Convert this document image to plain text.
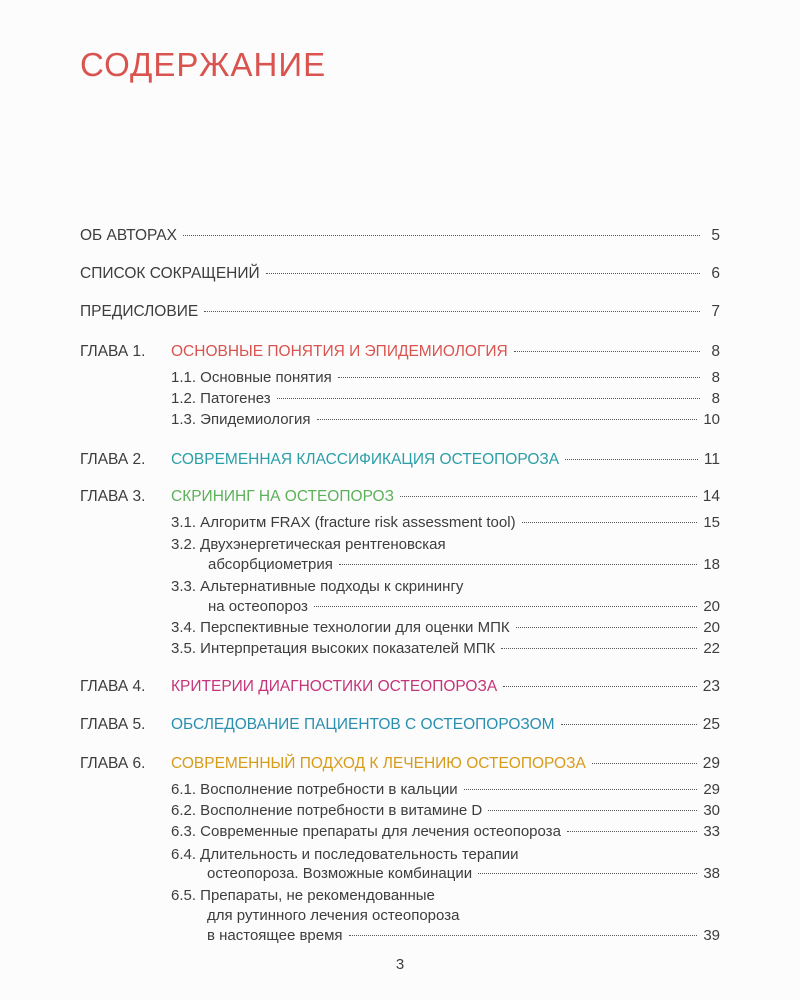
СОДЕРЖАНИЕ
ОБ АВТОРАХ	5
СПИСОК СОКРАЩЕНИЙ	6
ПРЕДИСЛОВИЕ	7
ГЛАВА 1. ОСНОВНЫЕ ПОНЯТИЯ И ЭПИДЕМИОЛОГИЯ	8
1.1. Основные понятия	8
1.2. Патогенез	8
1.3. Эпидемиология	10
ГЛАВА 2. СОВРЕМЕННАЯ КЛАССИФИКАЦИЯ ОСТЕОПОРОЗА	11
ГЛАВА 3. СКРИНИНГ НА ОСТЕОПОРОЗ	14
3.1. Алгоритм FRAX (fracture risk assessment tool)	15
3.2. Двухэнергетическая рентгеновская
абсорбциометрия	18
3.3. Альтернативные подходы к скринингу
на остеопороз	20
3.4. Перспективные технологии для оценки МПК	20
3.5. Интерпретация высоких показателей МПК	22
ГЛАВА 4. КРИТЕРИИ ДИАГНОСТИКИ ОСТЕОПОРОЗА	23
ГЛАВА 5. ОБСЛЕДОВАНИЕ ПАЦИЕНТОВ С ОСТЕОПОРОЗОМ	25
ГЛАВА 6. СОВРЕМЕННЫЙ ПОДХОД К ЛЕЧЕНИЮ ОСТЕОПОРОЗА	29
6.1. Восполнение потребности в кальции	29
6.2. Восполнение потребности в витамине D	30
6.3. Современные препараты для лечения остеопороза	33
6.4. Длительность и последовательность терапии
остеопороза. Возможные комбинации	38
6.5. Препараты, не рекомендованные
для рутинного лечения остеопороза
в настоящее время	39
3
